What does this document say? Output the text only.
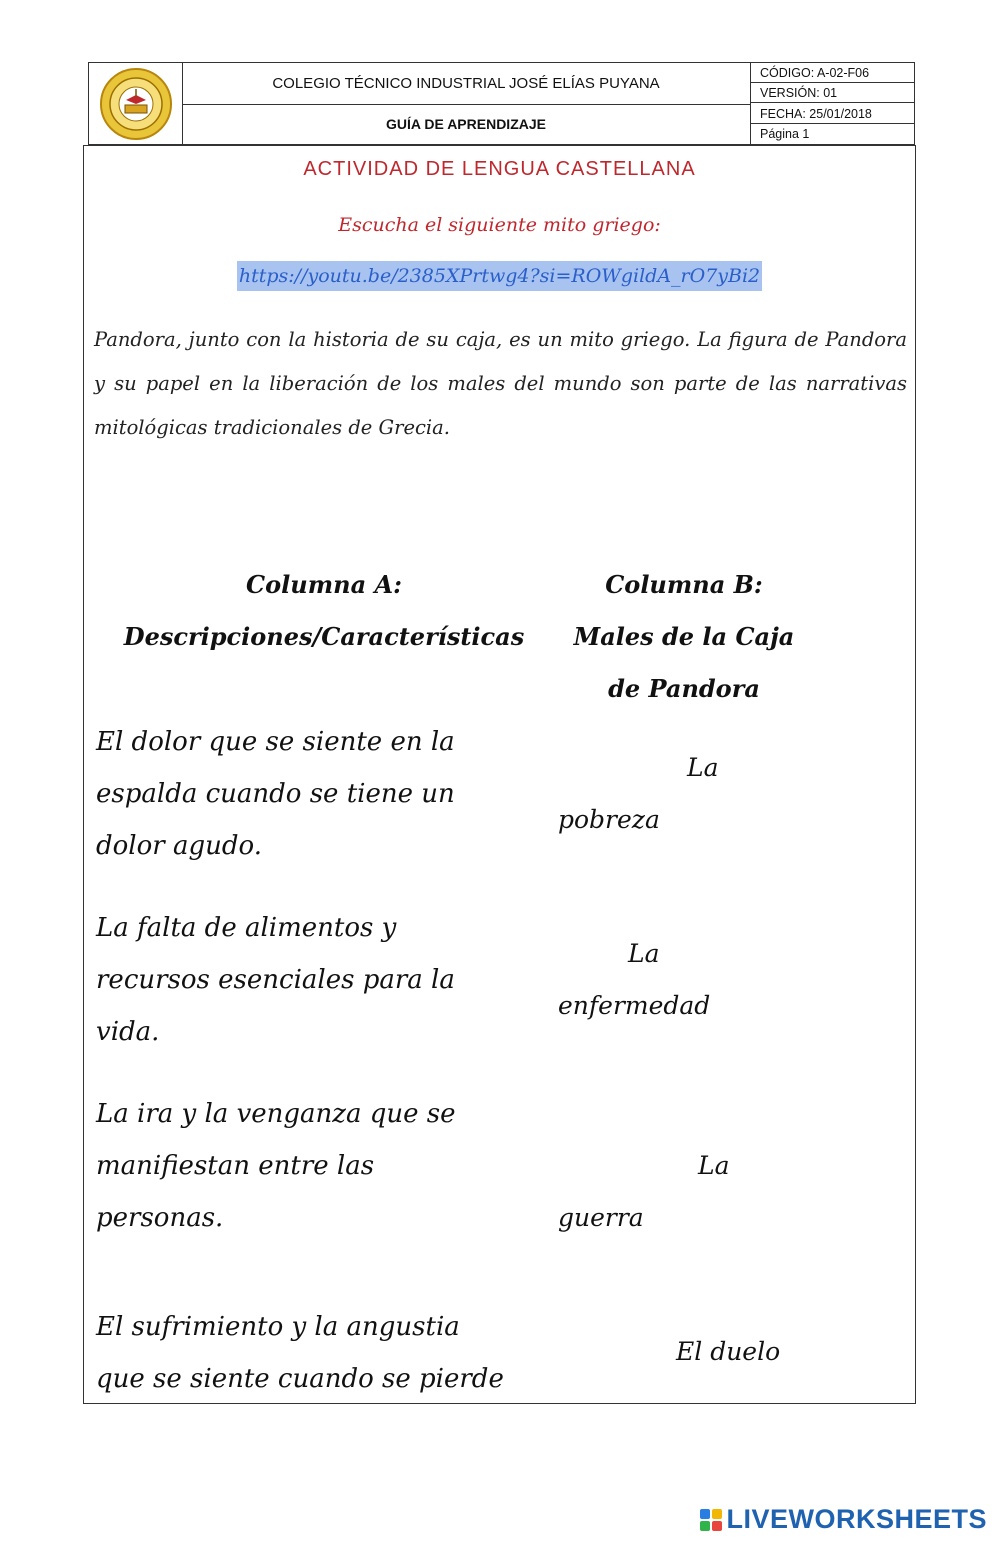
COLEGIO TÉCNICO INDUSTRIAL JOSÉ ELÍAS PUYANA
GUÍA DE APRENDIZAJE
CÓDIGO: A-02-F06
VERSIÓN: 01
FECHA: 25/01/2018
Página 1
ACTIVIDAD DE LENGUA CASTELLANA
Escucha el siguiente mito griego:
https://youtu.be/2385XPrtwg4?si=ROWgildA_rO7yBi2
Pandora, junto con la historia de su caja, es un mito griego. La figura de Pandora y su papel en la liberación de los males del mundo son parte de las narrativas mitológicas tradicionales de Grecia.
Columna A:
Descripciones/Características
Columna B:
Males de la Caja
de Pandora
El dolor que se siente en la
espalda cuando se tiene un
dolor agudo.
La falta de alimentos y
recursos esenciales para la
vida.
La ira y la venganza que se
manifiestan entre las
personas.
El sufrimiento y la angustia
que se siente cuando se pierde
La
pobreza
La
enfermedad
La
guerra
El duelo
LIVEWORKSHEETS
